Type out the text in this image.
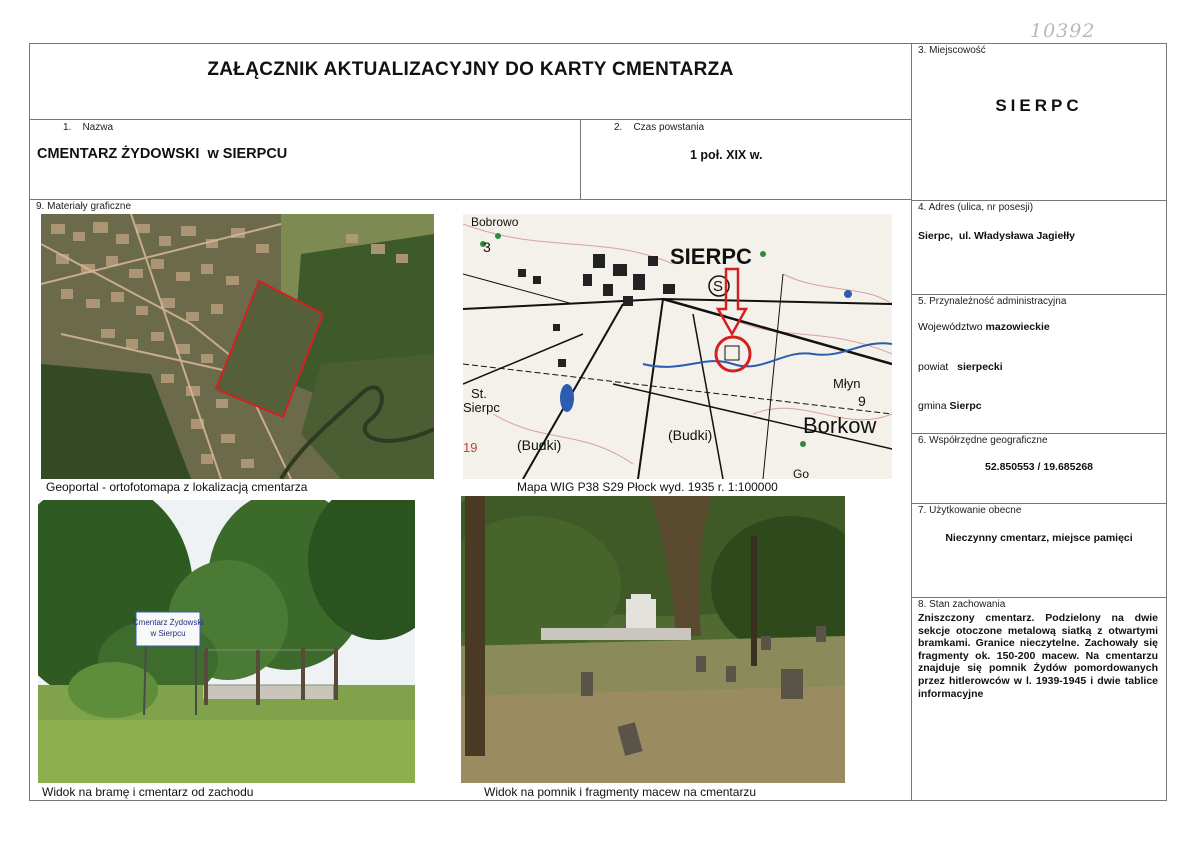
10392
ZAŁĄCZNIK AKTUALIZACYJNY DO KARTY CMENTARZA
1.    Nazwa
CMENTARZ ŻYDOWSKI  w SIERPCU
2.    Czas powstania
1 poł. XIX w.
9. Materiały graficzne
3. Miejscowość
SIERPC
4. Adres (ulica, nr posesji)
Sierpc,  ul. Władysława Jagiełły
5. Przynależność administracyjna
Województwo mazowieckie
powiat sierpecki
gmina Sierpc
6. Współrzędne geograficzne
52.850553 / 19.685268
7. Użytkowanie obecne
Nieczynny cmentarz, miejsce pamięci
8. Stan zachowania
Zniszczony cmentarz. Podzielony na dwie sekcje otoczone metalową siatką z otwartymi bramkami. Granice nieczytelne. Zachowały się fragmenty ok. 150-200 macew. Na cmentarzu znajduje się pomnik Żydów pomordowanych przez hitlerowców w l. 1939-1945 i dwie tablice informacyjne
Geoportal - ortofotomapa z lokalizacją cmentarza
SIERPC
Bobrowo
3
St.
Sierpc
(Budki)
(Budki)	Borkow
Młyn
9
19
S
Go
Mapa WIG P38 S29 Płock wyd. 1935 r. 1:100000
Cmentarz Żydowski
w Sierpcu
Widok na bramę i cmentarz od zachodu	Widok na pomnik i fragmenty macew na cmentarzu
